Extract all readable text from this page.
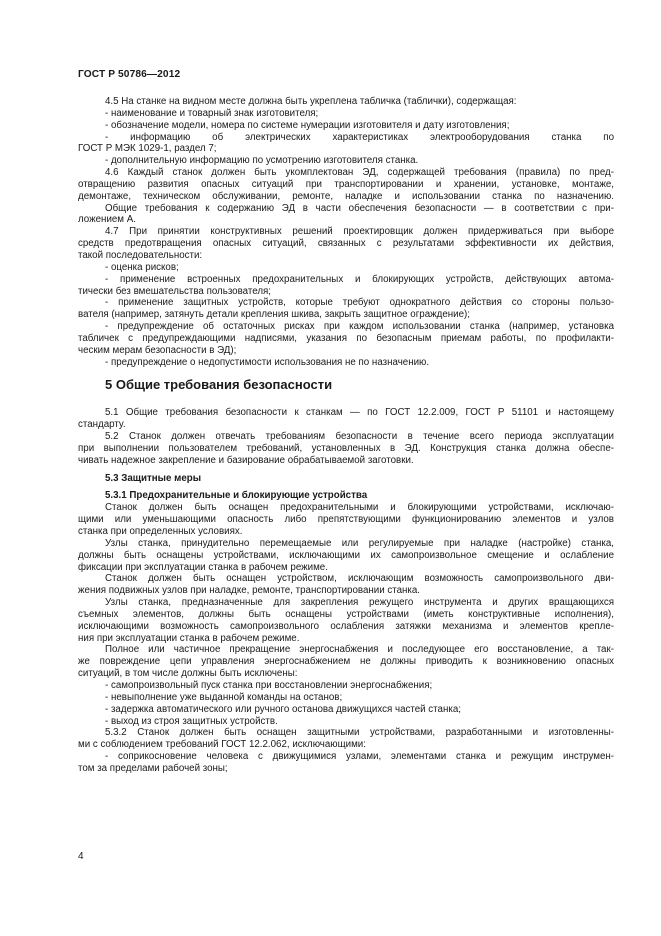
ГОСТ Р 50786—2012
4.5 На станке на видном месте должна быть укреплена табличка (таблички), содержащая:
- наименование и товарный знак изготовителя;
- обозначение модели, номера по системе нумерации изготовителя и дату изготовления;
- информацию об электрических характеристиках электрооборудования станка по
ГОСТ Р МЭК 1029-1, раздел 7;
- дополнительную информацию по усмотрению изготовителя станка.
4.6 Каждый станок должен быть укомплектован ЭД, содержащей требования (правила) по пред-
отвращению развития опасных ситуаций при транспортировании и хранении, установке, монтаже,
демонтаже, техническом обслуживании, ремонте, наладке и использовании станка по назначению.
Общие требования к содержанию ЭД в части обеспечения безопасности — в соответствии с при-
ложением А.
4.7 При принятии конструктивных решений проектировщик должен придерживаться при выборе
средств предотвращения опасных ситуаций, связанных с результатами эффективности их действия,
такой последовательности:
- оценка рисков;
- применение встроенных предохранительных и блокирующих устройств, действующих автома-
тически без вмешательства пользователя;
- применение защитных устройств, которые требуют однократного действия со стороны пользо-
вателя (например, затянуть детали крепления шкива, закрыть защитное ограждение);
- предупреждение об остаточных рисках при каждом использовании станка (например, установка
табличек с предупреждающими надписями, указания по безопасным приемам работы, по профилакти-
ческим мерам безопасности в ЭД);
- предупреждение о недопустимости использования не по назначению.
5 Общие требования безопасности
5.1 Общие требования безопасности к станкам — по ГОСТ 12.2.009, ГОСТ Р 51101 и настоящему
стандарту.
5.2 Станок должен отвечать требованиям безопасности в течение всего периода эксплуатации
при выполнении пользователем требований, установленных в ЭД. Конструкция станка должна обеспе-
чивать надежное закрепление и базирование обрабатываемой заготовки.
5.3 Защитные меры
5.3.1 Предохранительные и блокирующие устройства
Станок должен быть оснащен предохранительными и блокирующими устройствами, исключаю-
щими или уменьшающими опасность либо препятствующими функционированию элементов и узлов
станка при определенных условиях.
Узлы станка, принудительно перемещаемые или регулируемые при наладке (настройке) станка,
должны быть оснащены устройствами, исключающими их самопроизвольное смещение и ослабление
фиксации при эксплуатации станка в рабочем режиме.
Станок должен быть оснащен устройством, исключающим возможность самопроизвольного дви-
жения подвижных узлов при наладке, ремонте, транспортировании станка.
Узлы станка, предназначенные для закрепления режущего инструмента и других вращающихся
съемных элементов, должны быть оснащены устройствами (иметь конструктивные исполнения),
исключающими возможность самопроизвольного ослабления затяжки механизма и элементов крепле-
ния при эксплуатации станка в рабочем режиме.
Полное или частичное прекращение энергоснабжения и последующее его восстановление, а так-
же повреждение цепи управления энергоснабжением не должны приводить к возникновению опасных
ситуаций, в том числе должны быть исключены:
- самопроизвольный пуск станка при восстановлении энергоснабжения;
- невыполнение уже выданной команды на останов;
- задержка автоматического или ручного останова движущихся частей станка;
- выход из строя защитных устройств.
5.3.2 Станок должен быть оснащен защитными устройствами, разработанными и изготовленны-
ми с соблюдением требований ГОСТ 12.2.062, исключающими:
- соприкосновение человека с движущимися узлами, элементами станка и режущим инструмен-
том за пределами рабочей зоны;
4
